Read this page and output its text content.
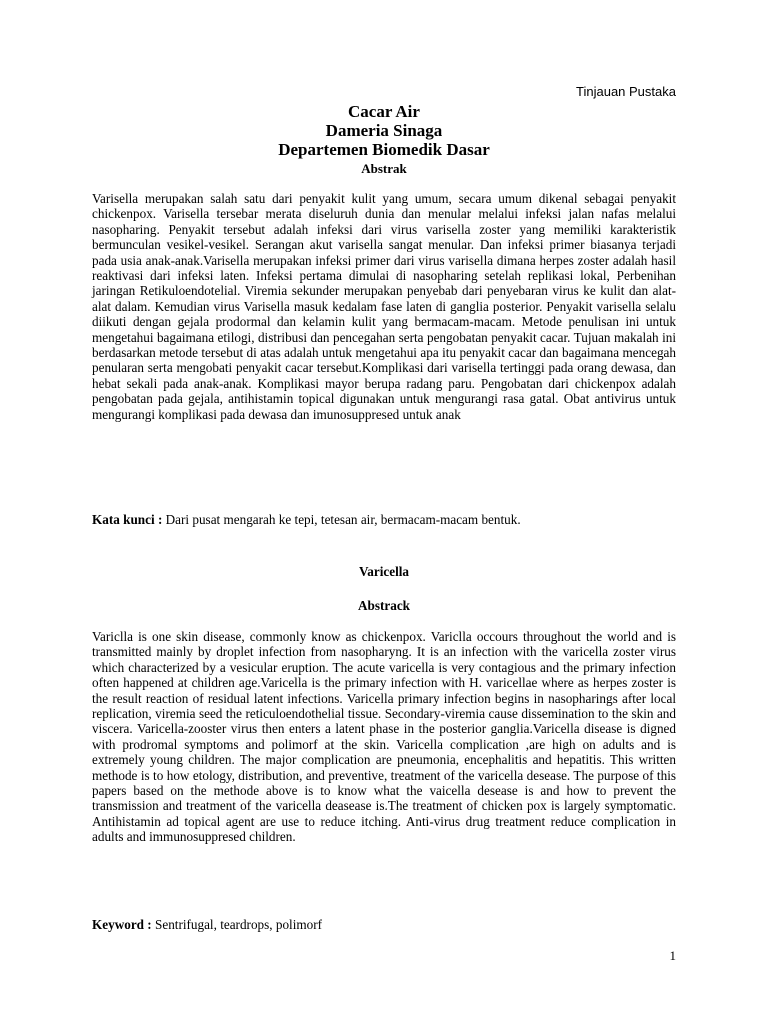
Tinjauan Pustaka
Cacar Air
Dameria Sinaga
Departemen Biomedik Dasar
Abstrak

Varisella merupakan salah satu dari penyakit kulit yang umum, secara umum dikenal sebagai penyakit chickenpox. Varisella tersebar merata diseluruh dunia dan menular melalui infeksi jalan nafas melalui nasopharing. Penyakit tersebut adalah infeksi dari virus varisella zoster yang memiliki karakteristik bermunculan vesikel-vesikel. Serangan akut varisella sangat menular. Dan infeksi primer biasanya terjadi pada usia anak-anak.Varisella merupakan infeksi primer dari virus varisella dimana herpes zoster adalah hasil reaktivasi dari infeksi laten. Infeksi pertama dimulai di nasopharing setelah replikasi lokal, Perbenihan jaringan Retikuloendotelial. Viremia sekunder merupakan penyebab dari penyebaran virus ke kulit dan alat-alat dalam. Kemudian virus Varisella masuk kedalam fase laten di ganglia posterior. Penyakit varisella selalu diikuti dengan gejala prodormal dan kelamin kulit yang bermacam-macam. Metode penulisan ini untuk mengetahui bagaimana etilogi, distribusi dan pencegahan serta pengobatan penyakit cacar. Tujuan makalah ini berdasarkan metode tersebut di atas adalah untuk mengetahui apa itu penyakit cacar dan bagaimana mencegah penularan serta mengobati penyakit cacar tersebut.Komplikasi dari varisella tertinggi pada orang dewasa, dan hebat sekali pada anak-anak. Komplikasi mayor berupa radang paru. Pengobatan dari chickenpox adalah pengobatan pada gejala, antihistamin topical digunakan untuk mengurangi rasa gatal. Obat antivirus untuk mengurangi komplikasi pada dewasa dan imunosuppresed untuk anak

Kata kunci : Dari pusat mengarah ke tepi, tetesan air, bermacam-macam bentuk.

Varicella
Abstrack

Variclla is one skin disease, commonly know as chickenpox. Variclla occours throughout the world and is transmitted mainly by droplet infection from nasopharyng. It is an infection with the varicella zoster virus which characterized by a vesicular eruption. The acute varicella is very contagious and the primary infection often happened at children age.Varicella is the primary infection with H. varicellae where as herpes zoster is the result reaction of residual latent infections. Varicella primary infection begins in nasopharings after local replication, viremia seed the reticuloendothelial tissue. Secondary-viremia cause dissemination to the skin and viscera. Varicella-zooster virus then enters a latent phase in the posterior ganglia.Varicella disease is digned with prodromal symptoms and polimorf at the skin. Varicella complication ,are high on adults and is extremely young children. The major complication are pneumonia, encephalitis and hepatitis. This written methode is to how etology, distribution, and preventive, treatment of the varicella desease. The purpose of this papers based on the methode above is to know what the vaicella desease is and how to prevent the transmission and treatment of the varicella deasease is.The treatment of chicken pox is largely symptomatic. Antihistamin ad topical agent are use to reduce itching. Anti-virus drug treatment reduce complication in adults and immunosuppresed children.

Keyword : Sentrifugal, teardrops, polimorf

1
